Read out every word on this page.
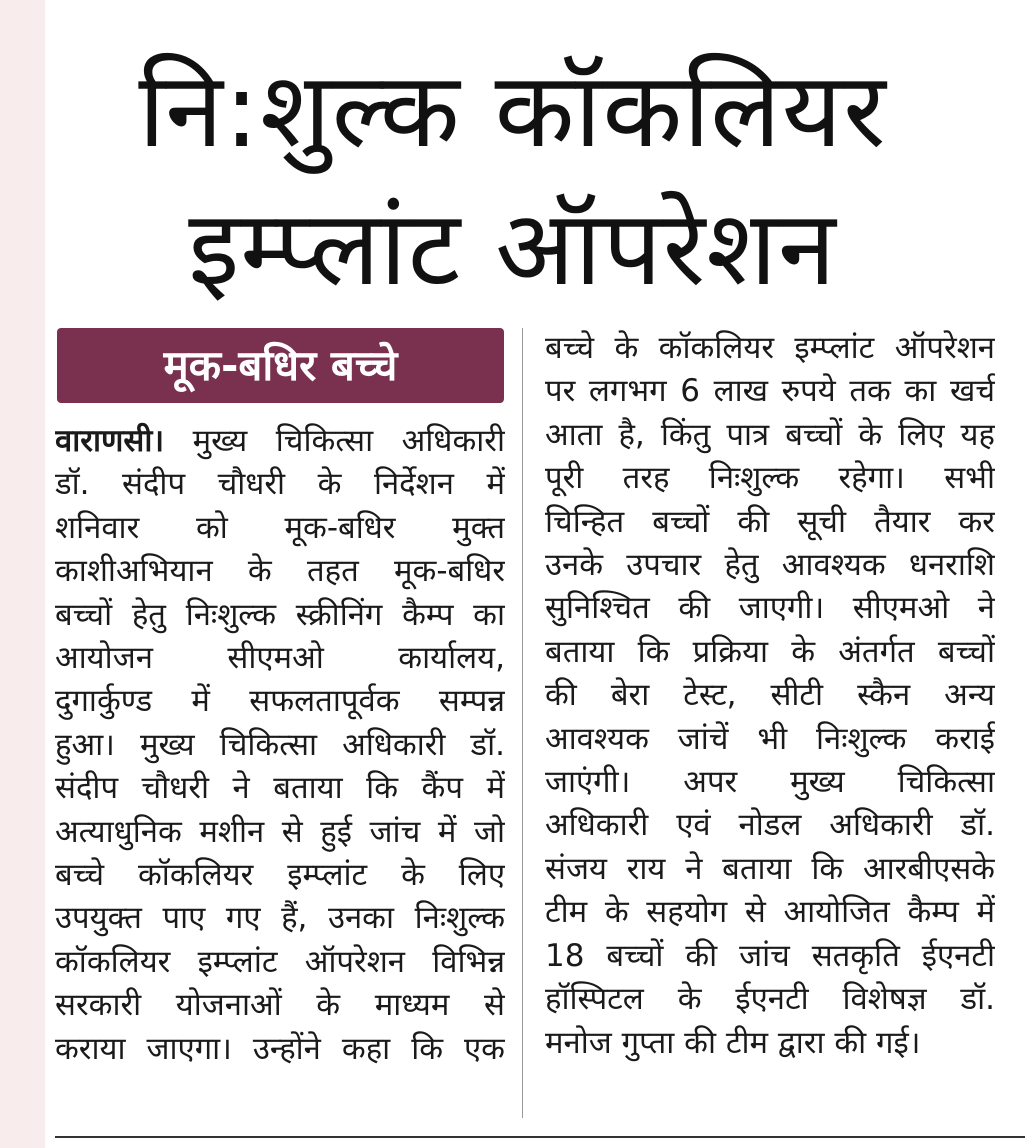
नि:शुल्क कॉकलियर
इम्प्लांट ऑपरेशन
मूक-बधिर बच्चे
वाराणसी। मुख्य चिकित्सा अधिकारी
डॉ. संदीप चौधरी के निर्देशन में
शनिवार को मूक-बधिर मुक्त
काशीअभियान के तहत मूक-बधिर
बच्चों हेतु निःशुल्क स्क्रीनिंग कैम्प का
आयोजन सीएमओ कार्यालय,
दुगार्कुण्ड में सफलतापूर्वक सम्पन्न
हुआ। मुख्य चिकित्सा अधिकारी डॉ.
संदीप चौधरी ने बताया कि कैंप में
अत्याधुनिक मशीन से हुई जांच में जो
बच्चे कॉकलियर इम्प्लांट के लिए
उपयुक्त पाए गए हैं, उनका निःशुल्क
कॉकलियर इम्प्लांट ऑपरेशन विभिन्न
सरकारी योजनाओं के माध्यम से
कराया जाएगा। उन्होंने कहा कि एक
बच्चे के कॉकलियर इम्प्लांट ऑपरेशन
पर लगभग 6 लाख रुपये तक का खर्च
आता है, किंतु पात्र बच्चों के लिए यह
पूरी तरह निःशुल्क रहेगा। सभी
चिन्हित बच्चों की सूची तैयार कर
उनके उपचार हेतु आवश्यक धनराशि
सुनिश्चित की जाएगी। सीएमओ ने
बताया कि प्रक्रिया के अंतर्गत बच्चों
की बेरा टेस्ट, सीटी स्कैन अन्य
आवश्यक जांचें भी निःशुल्क कराई
जाएंगी। अपर मुख्य चिकित्सा
अधिकारी एवं नोडल अधिकारी डॉ.
संजय राय ने बताया कि आरबीएसके
टीम के सहयोग से आयोजित कैम्प में
18 बच्चों की जांच सतकृति ईएनटी
हॉस्पिटल के ईएनटी विशेषज्ञ डॉ.
मनोज गुप्ता की टीम द्वारा की गई।
